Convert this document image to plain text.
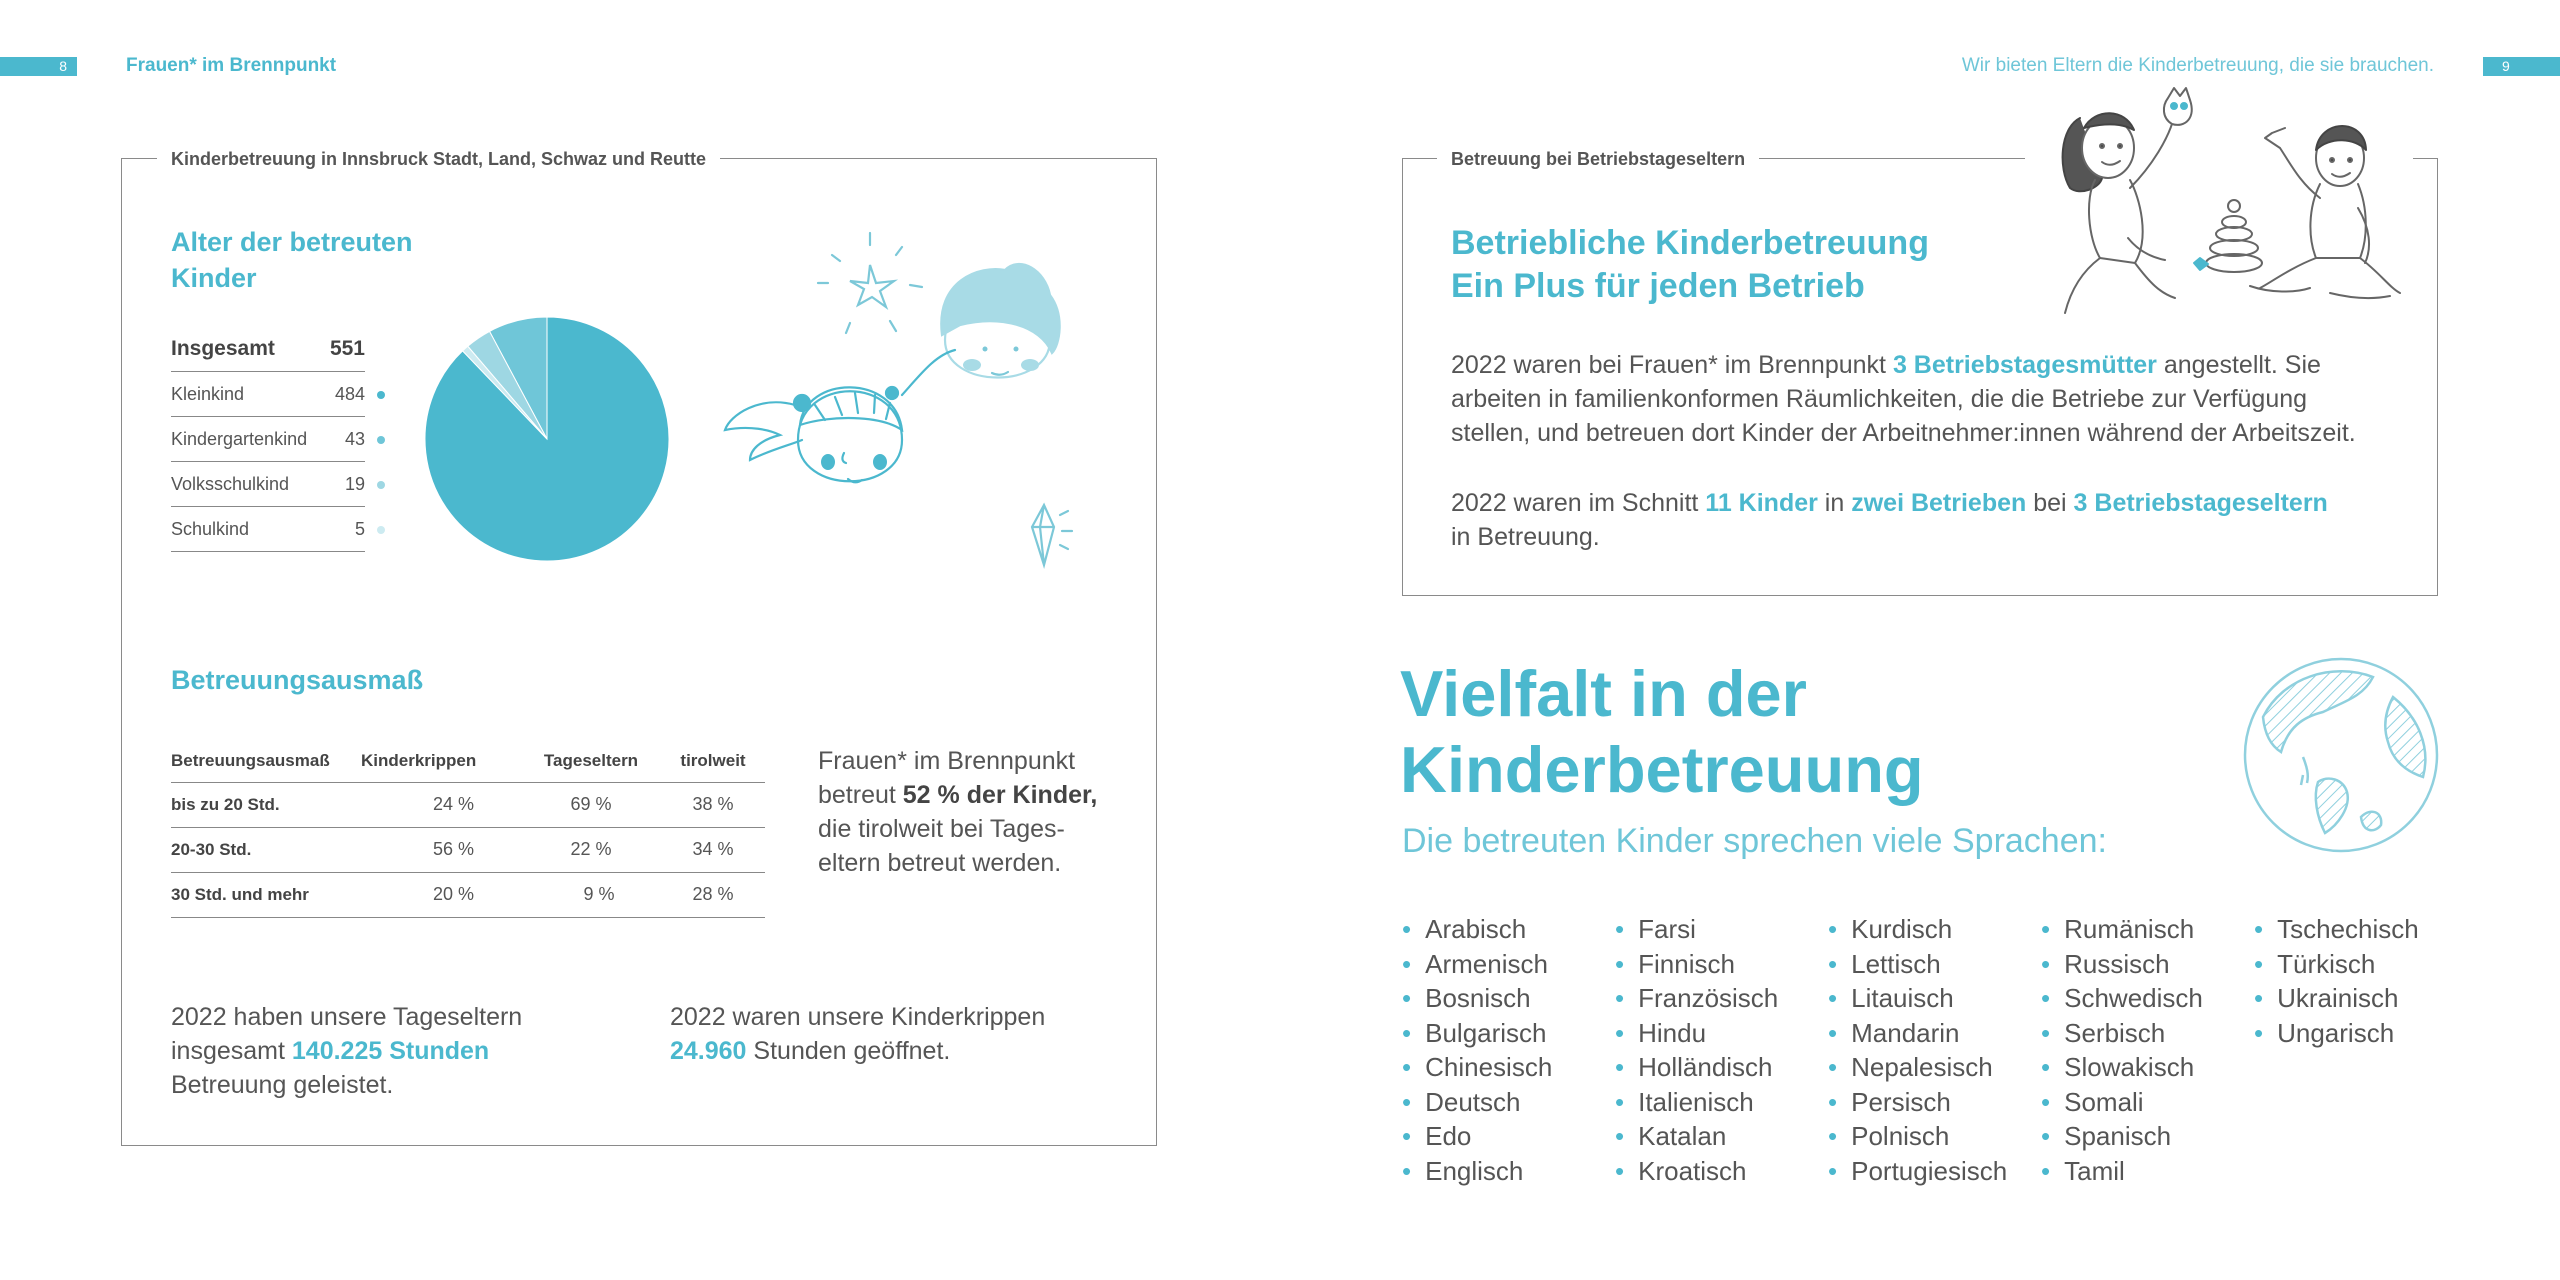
8	Frauen* im Brennpunkt
Kinderbetreuung in Innsbruck Stadt, Land, Schwaz und Reutte
Alter der betreuten
Kinder
Insgesamt	551
Kleinkind	484
Kindergartenkind 43
Volksschulkind	19
Schulkind	5
Betreuungsausmaß
Betreuungsausmaß	Kinderkrippen	Tageseltern	tirolweit
bis zu 20 Std.	24 %	69 %	38 %
20-30 Std.	56 %	22 %	34 %
30 Std. und mehr	20 %	9 %	28 %
Frauen* im Brennpunkt
betreut 52 % der Kinder,
die tirolweit bei Tages-
eltern betreut werden.
2022 haben unsere Tageseltern
insgesamt 140.225 Stunden
Betreuung geleistet.
2022 waren unsere Kinderkrippen
24.960 Stunden geöffnet.
Wir bieten Eltern die Kinderbetreuung, die sie brauchen.	9
Betreuung bei Betriebstageseltern
Betriebliche Kinderbetreuung
Ein Plus für jeden Betrieb
2022 waren bei Frauen* im Brennpunkt 3 Betriebstagesmütter angestellt. Sie
arbeiten in familienkonformen Räumlichkeiten, die die Betriebe zur Verfügung
stellen, und betreuen dort Kinder der Arbeitnehmer:innen während der Arbeitszeit.
2022 waren im Schnitt 11 Kinder in zwei Betrieben bei 3 Betriebstageseltern
in Betreuung.
Vielfalt in der
Kinderbetreuung
Die betreuten Kinder sprechen viele Sprachen:
• Arabisch
• Armenisch
• Bosnisch
• Bulgarisch
• Chinesisch
• Deutsch
• Edo
• Englisch
• Farsi
• Finnisch
• Französisch
• Hindu
• Holländisch
• Italienisch
• Katalan
• Kroatisch
• Kurdisch
• Lettisch
• Litauisch
• Mandarin
• Nepalesisch
• Persisch
• Polnisch
• Portugiesisch
• Rumänisch
• Russisch
• Schwedisch
• Serbisch
• Slowakisch
• Somali
• Spanisch
• Tamil
• Tschechisch
• Türkisch
• Ukrainisch
• Ungarisch
